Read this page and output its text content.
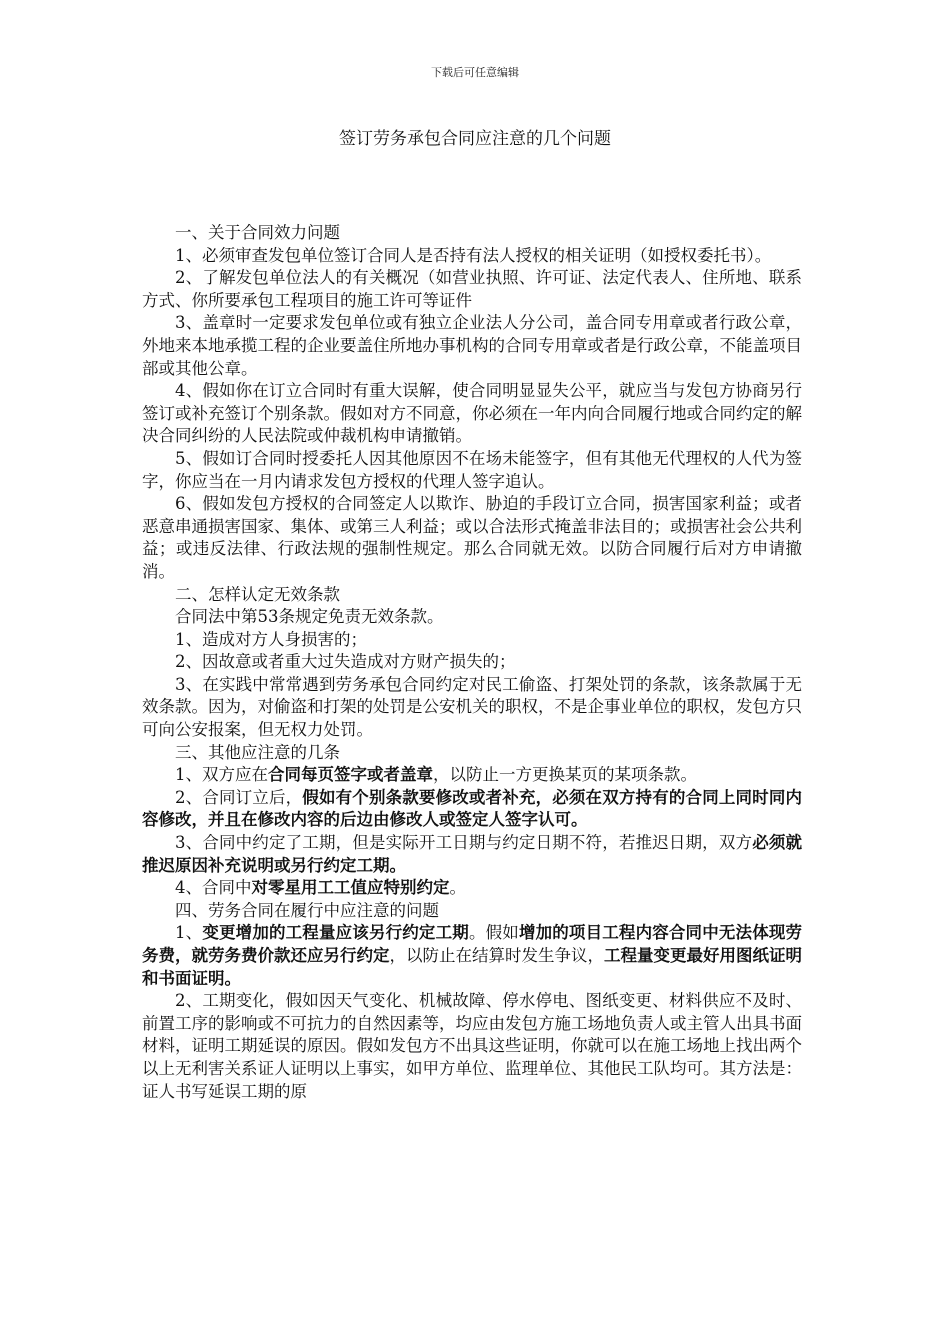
下载后可任意编辑
签订劳务承包合同应注意的几个问题

一、关于合同效力问题

1、必须审查发包单位签订合同人是否持有法人授权的相关证明（如授权委托书）。

2、了解发包单位法人的有关概况（如营业执照、许可证、法定代表人、住所地、联系方式、你所要承包工程项目的施工许可等证件

3、盖章时一定要求发包单位或有独立企业法人分公司，盖合同专用章或者行政公章，外地来本地承揽工程的企业要盖住所地办事机构的合同专用章或者是行政公章，不能盖项目部或其他公章。

4、假如你在订立合同时有重大误解，使合同明显显失公平，就应当与发包方协商另行签订或补充签订个别条款。假如对方不同意，你必须在一年内向合同履行地或合同约定的解决合同纠纷的人民法院或仲裁机构申请撤销。

5、假如订合同时授委托人因其他原因不在场未能签字，但有其他无代理权的人代为签字，你应当在一月内请求发包方授权的代理人签字追认。

6、假如发包方授权的合同签定人以欺诈、胁迫的手段订立合同，损害国家利益；或者恶意串通损害国家、集体、或第三人利益；或以合法形式掩盖非法目的；或损害社会公共利益；或违反法律、行政法规的强制性规定。那么合同就无效。以防合同履行后对方申请撤消。

二、怎样认定无效条款

合同法中第53条规定免责无效条款。

1、造成对方人身损害的；

2、因故意或者重大过失造成对方财产损失的；

3、在实践中常常遇到劳务承包合同约定对民工偷盗、打架处罚的条款，该条款属于无效条款。因为，对偷盗和打架的处罚是公安机关的职权，不是企事业单位的职权，发包方只可向公安报案，但无权力处罚。

三、其他应注意的几条

1、双方应在合同每页签字或者盖章，以防止一方更换某页的某项条款。

2、合同订立后，假如有个别条款要修改或者补充，必须在双方持有的合同上同时同内容修改，并且在修改内容的后边由修改人或签定人签字认可。

3、合同中约定了工期，但是实际开工日期与约定日期不符，若推迟日期，双方必须就推迟原因补充说明或另行约定工期。

4、合同中对零星用工工值应特别约定。

四、劳务合同在履行中应注意的问题

1、变更增加的工程量应该另行约定工期。假如增加的项目工程内容合同中无法体现劳务费，就劳务费价款还应另行约定，以防止在结算时发生争议，工程量变更最好用图纸证明和书面证明。

2、工期变化，假如因天气变化、机械故障、停水停电、图纸变更、材料供应不及时、前置工序的影响或不可抗力的自然因素等，均应由发包方施工场地负责人或主管人出具书面材料，证明工期延误的原因。假如发包方不出具这些证明，你就可以在施工场地上找出两个以上无利害关系证人证明以上事实，如甲方单位、监理单位、其他民工队均可。其方法是：证人书写延误工期的原
